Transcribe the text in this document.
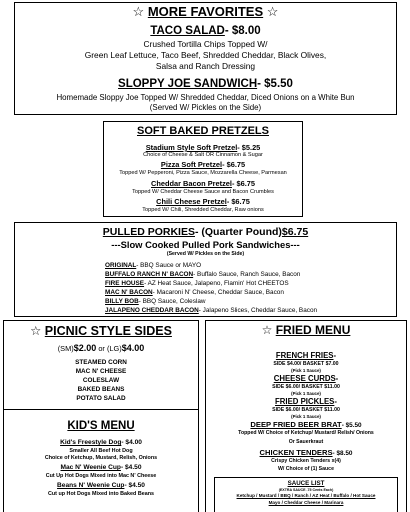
☆ MORE FAVORITES ☆
TACO SALAD- $8.00
Crushed Tortilla Chips Topped W/
Green Leaf Lettuce, Taco Beef, Shredded Cheddar, Black Olives,
Salsa and Ranch Dressing
SLOPPY JOE SANDWICH- $5.50
Homemade Sloppy Joe Topped W/ Shredded Cheddar, Diced Onions on a White Bun
(Served W/ Pickles on the Side)
SOFT BAKED PRETZELS
Stadium Style Soft Pretzel- $5.25
Choice of Cheese & Salt OR Cinnamon & Sugar
Pizza Soft Pretzel- $6.75
Topped W/ Pepperoni, Pizza Sauce, Mozzarella Cheese, Parmesan
Cheddar Bacon Pretzel- $6.75
Topped W/ Cheddar Cheese Sauce and Bacon Crumbles
Chili Cheese Pretzel- $6.75
Topped W/ Chili, Shredded Cheddar, Raw onions
PULLED PORKIES- (Quarter Pound)$6.75
---Slow Cooked Pulled Pork Sandwiches---
(Served W/ Pickles on the Side)
ORIGINAL- BBQ Sauce or MAYO
BUFFALO RANCH N' BACON- Buffalo Sauce, Ranch Sauce, Bacon
FIRE HOUSE- AZ Heat Sauce, Jalapeno, Flamin' Hot CHEETOS
MAC N' BACON- Macaroni N' Cheese, Cheddar Sauce, Bacon
BILLY BOB- BBQ Sauce, Coleslaw
JALAPENO CHEDDAR BACON- Jalapeno Slices, Cheddar Sauce, Bacon
☆ PICNIC STYLE SIDES
(SM)$2.00 or (LG)$4.00
STEAMED CORN
MAC N' CHEESE
COLESLAW
BAKED BEANS
POTATO SALAD
KID'S MENU
Kid's Freestyle Dog- $4.00
Smaller All Beef Hot Dog
Choice of Ketchup, Mustard, Relish, Onions
Mac N' Weenie Cup- $4.50
Cut Up Hot Dogs Mixed into Mac N' Cheese
Beans N' Weenie Cup- $4.50
Cut up Hot Dogs Mixed into Baked Beans
☆ FRIED MENU
FRENCH FRIES-
SIDE $4.00/ BASKET $7.00
(Pick 1 Sauce)
CHEESE CURDS-
SIDE $6.00/ BASKET $11.00
(Pick 1 Sauce)
FRIED PICKLES-
SIDE $6.00/ BASKET $11.00
(Pick 1 Sauce)
DEEP FRIED BEER BRAT- $5.50
Topped W/ Choice of Ketchup/ Mustard/ Relish/ Onions
Or Sauerkraut
CHICKEN TENDERS- $8.50
Crispy Chicken Tenders x(4)
W/ Choice of (1) Sauce
SAUCE LIST
(EXTRA SAUCE .75 Cents Each)
Ketchup / Mustard / BBQ / Ranch / AZ Heat / Buffalo / Hot Sauce
Mayo / Cheddar Cheese / Marinara
